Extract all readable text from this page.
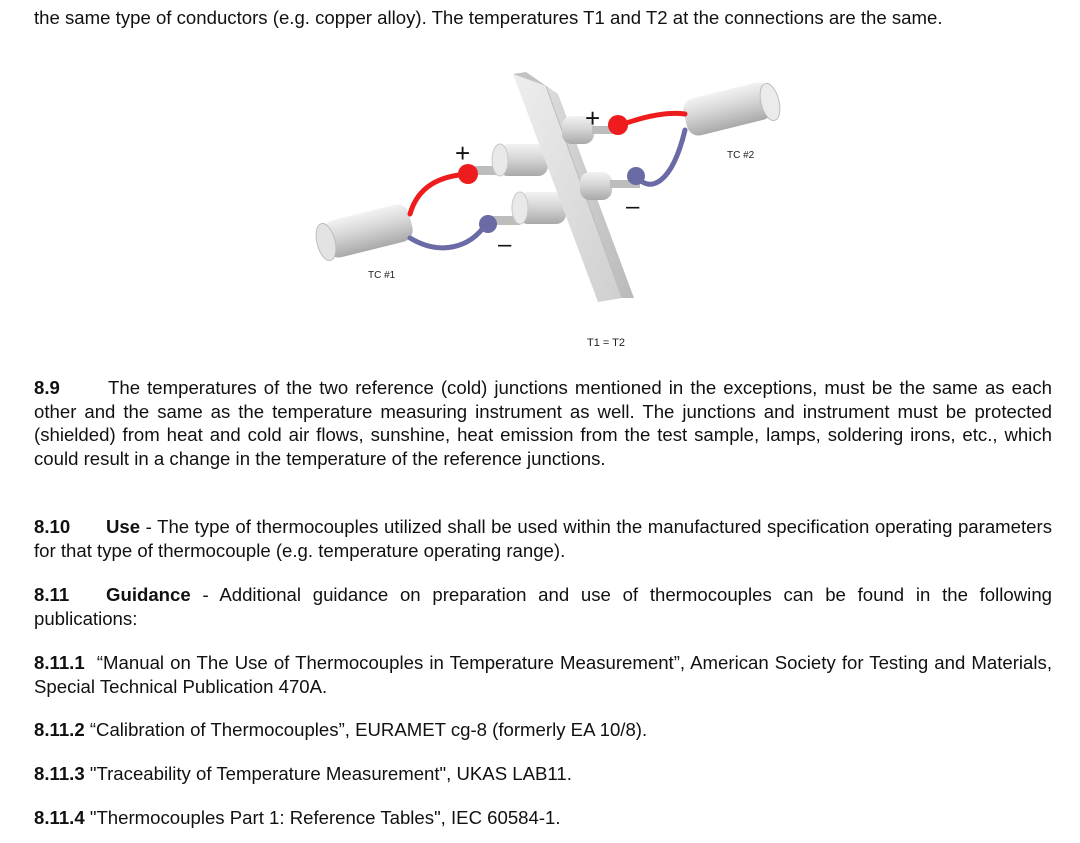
the same type of conductors (e.g. copper alloy). The temperatures T1 and T2 at the connections are the same.
+
+
–
–
TC #1
TC #2
T1 = T2
8.9	The temperatures of the two reference (cold) junctions mentioned in the exceptions, must be the same as each other and the same as the temperature measuring instrument as well. The junctions and instrument must be protected (shielded) from heat and cold air flows, sunshine, heat emission from the test sample, lamps, soldering irons, etc., which could result in a change in the temperature of the reference junctions.
8.10 Use - The type of thermocouples utilized shall be used within the manufactured specification operating parameters for that type of thermocouple (e.g. temperature operating range).
8.11 Guidance - Additional guidance on preparation and use of thermocouples can be found in the following publications:
8.11.1 “Manual on The Use of Thermocouples in Temperature Measurement”, American Society for Testing and Materials, Special Technical Publication 470A.
8.11.2 “Calibration of Thermocouples”, EURAMET cg-8 (formerly EA 10/8).
8.11.3 "Traceability of Temperature Measurement", UKAS LAB11.
8.11.4 "Thermocouples Part 1: Reference Tables", IEC 60584-1.
